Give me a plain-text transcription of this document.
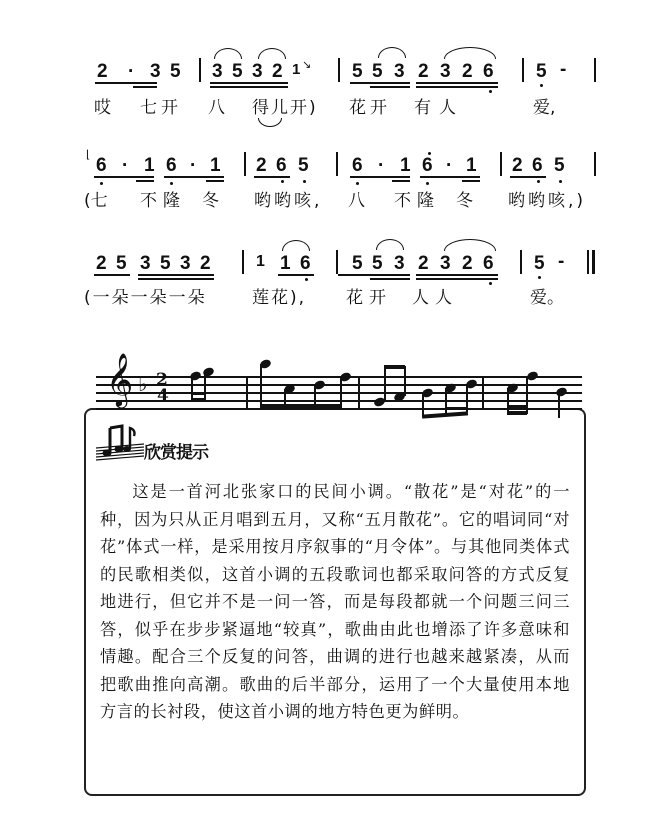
2 · 3 5 3 5 3 2 1 ↘ 5 5 3 2 3 2 6 5 -
哎 七开 八 得儿开) 花开 有人	爱,
⌊
6 · 1 6 · 1 2 6 5 6 · 1 6 · 1 2 6 5
(七 不隆 冬 哟哟咳, 八 不隆 冬 哟哟咳,)
2 5 3 5 3 2	1 1 6 5 5 3 2 3 2 6 5 -
(一朵一朵一朵	莲花), 花开 人人	爱。
𝄞 ♭ 2
4
欣赏提示

这是一首河北张家口的民间小调。“散花”是“对花”的一种，因为只从正月唱到五月，又称“五月散花”。它的唱词同“对花”体式一样，是采用按月序叙事的“月令体”。与其他同类体式的民歌相类似，这首小调的五段歌词也都采取问答的方式反复地进行，但它并不是一问一答，而是每段都就一个问题三问三答，似乎在步步紧逼地“较真”，歌曲由此也增添了许多意味和情趣。配合三个反复的问答，曲调的进行也越来越紧凑，从而把歌曲推向高潮。歌曲的后半部分，运用了一个大量使用本地方言的长衬段，使这首小调的地方特色更为鲜明。
